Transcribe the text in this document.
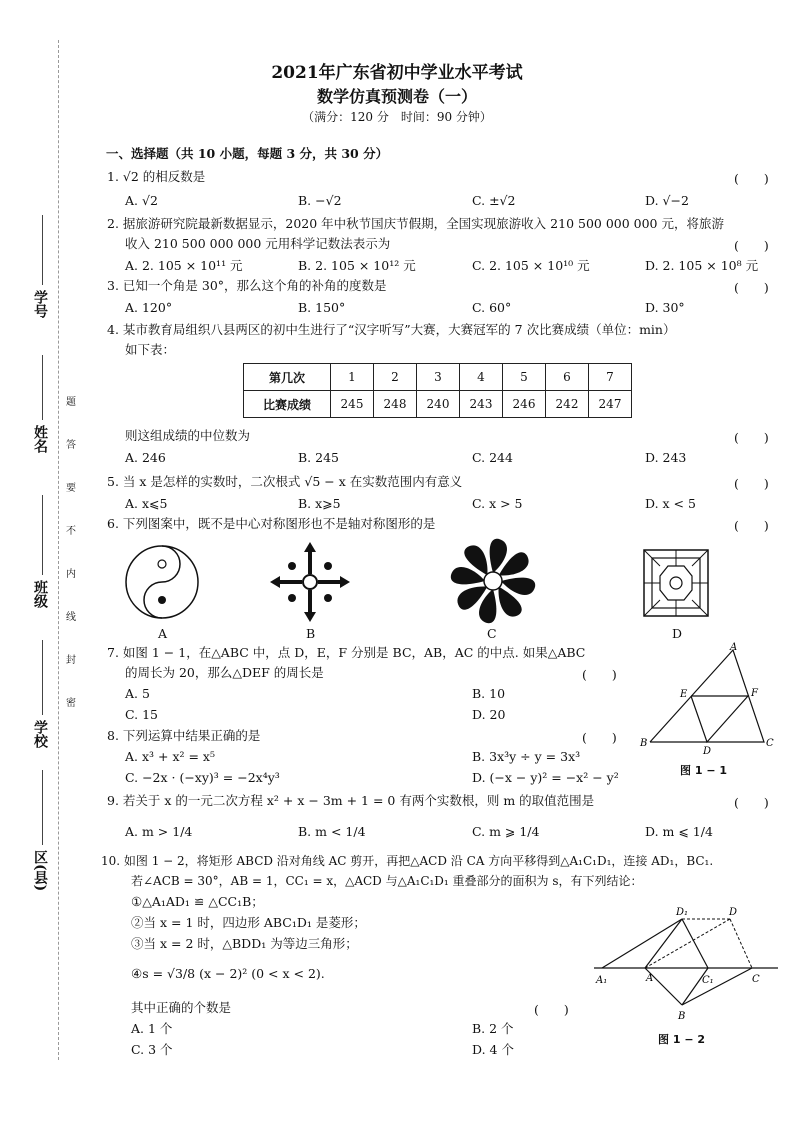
2021年广东省初中学业水平考试
数学仿真预测卷（一）
（满分：120 分　时间：90 分钟）
学号
姓名
班级
学校
区(县)
题
答
要
不
内
线
封
密
一、选择题（共 10 小题，每题 3 分，共 30 分）
1. √2 的相反数是	(　　)
A. √2	B. −√2	C. ±√2	D. √−2
2. 据旅游研究院最新数据显示，2020 年中秋节国庆节假期，全国实现旅游收入 210 500 000 000 元，将旅游
收入 210 500 000 000 元用科学记数法表示为	(　　)
A. 2. 105 × 10¹¹ 元	B. 2. 105 × 10¹² 元	C. 2. 105 × 10¹⁰ 元	D. 2. 105 × 10⁸ 元
3. 已知一个角是 30°，那么这个角的补角的度数是	(　　)
A. 120°	B. 150°	C. 60°	D. 30°
4. 某市教育局组织八县两区的初中生进行了“汉字听写”大赛，大赛冠军的 7 次比赛成绩（单位：min）
如下表：
第几次	1	2	3	4	5	6	7
比赛成绩	245	248	240	243	246	242	247
则这组成绩的中位数为	(　　)
A. 246	B. 245	C. 244	D. 243
5. 当 x 是怎样的实数时，二次根式 √5 − x 在实数范围内有意义	(　　)
A. x⩽5	B. x⩾5	C. x > 5	D. x < 5
6. 下列图案中，既不是中心对称图形也不是轴对称图形的是	(　　)
A	B	C	D
7. 如图 1 − 1，在△ABC 中，点 D，E，F 分别是 BC，AB，AC 的中点. 如果△ABC
的周长为 20，那么△DEF 的周长是	(　　)
A. 5	B. 10
C. 15	D. 20
A
E	F
B
D
C
图 1 − 1
8. 下列运算中结果正确的是	(　　)
A. x³ + x² = x⁵	B. 3x³y ÷ y = 3x³
C. −2x · (−xy)³ = −2x⁴y³	D. (−x − y)² = −x² − y²
9. 若关于 x 的一元二次方程 x² + x − 3m + 1 = 0 有两个实数根，则 m 的取值范围是	(　　)
A. m > 1/4	B. m < 1/4	C. m ⩾ 1/4	D. m ⩽ 1/4
10. 如图 1 − 2，将矩形 ABCD 沿对角线 AC 剪开，再把△ACD 沿 CA 方向平移得到△A₁C₁D₁，连接 AD₁，BC₁.
若∠ACB = 30°，AB = 1，CC₁ = x，△ACD 与△A₁C₁D₁ 重叠部分的面积为 s，有下列结论：
①△A₁AD₁ ≌ △CC₁B；
②当 x = 1 时，四边形 ABC₁D₁ 是菱形；
③当 x = 2 时，△BDD₁ 为等边三角形；
④s = √3/8 (x − 2)² (0 < x < 2).
其中正确的个数是	(　　)
A. 1 个	B. 2 个
C. 3 个	D. 4 个
D₁	D
A₁	A	C₁	C
B
图 1 − 2
